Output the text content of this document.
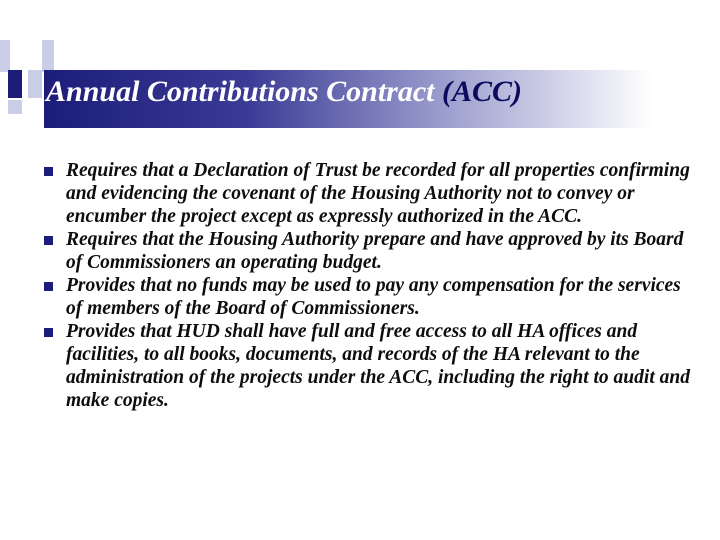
Annual Contributions Contract (ACC)
Requires that a Declaration of Trust be recorded for all properties confirming and evidencing the covenant of the Housing Authority not to convey or encumber the project except as expressly authorized in the ACC.
Requires that the Housing Authority prepare and have approved by its Board of Commissioners an operating budget.
Provides that no funds may be used to pay any compensation for the services of members of the Board of Commissioners.
Provides that HUD shall have full and free access to all HA offices and facilities, to all books, documents, and records of the HA relevant to the administration of the projects under the ACC, including the right to audit and make copies.
